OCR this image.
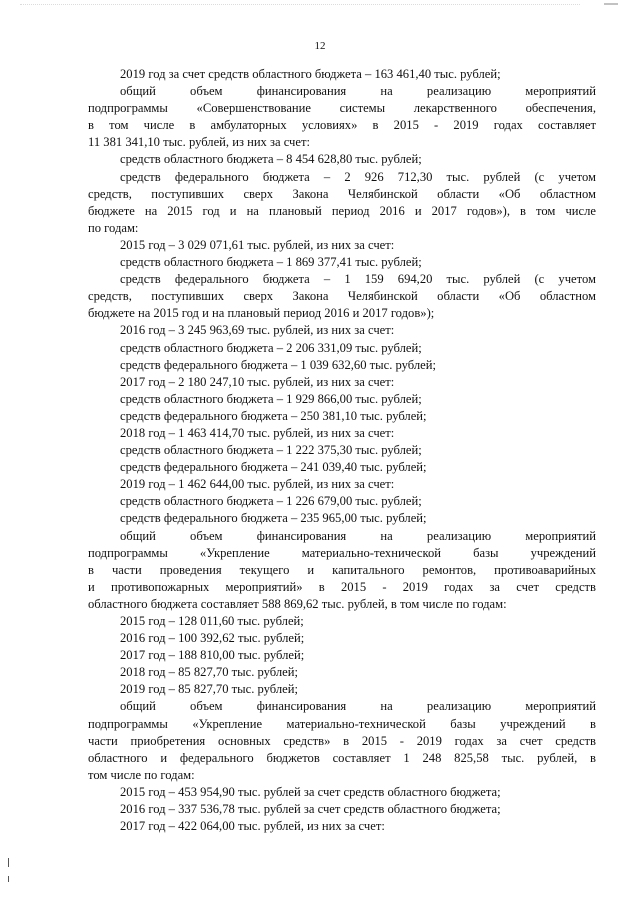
12

2019 год за счет средств областного бюджета – 163 461,40 тыс. рублей;

общий объем финансирования на реализацию мероприятий
подпрограммы «Совершенствование системы лекарственного обеспечения,
в том числе в амбулаторных условиях» в 2015 - 2019 годах составляет
11 381 341,10 тыс. рублей, из них за счет:

средств областного бюджета – 8 454 628,80 тыс. рублей;

средств федерального бюджета – 2 926 712,30 тыс. рублей (с учетом
средств, поступивших сверх Закона Челябинской области «Об областном
бюджете на 2015 год и на плановый период 2016 и 2017 годов»), в том числе
по годам:

2015 год – 3 029 071,61 тыс. рублей, из них за счет:

средств областного бюджета – 1 869 377,41 тыс. рублей;

средств федерального бюджета – 1 159 694,20 тыс. рублей (с учетом
средств, поступивших сверх Закона Челябинской области «Об областном
бюджете на 2015 год и на плановый период 2016 и 2017 годов»);

2016 год – 3 245 963,69 тыс. рублей, из них за счет:

средств областного бюджета – 2 206 331,09 тыс. рублей;

средств федерального бюджета – 1 039 632,60 тыс. рублей;

2017 год – 2 180 247,10 тыс. рублей, из них за счет:

средств областного бюджета – 1 929 866,00 тыс. рублей;

средств федерального бюджета – 250 381,10 тыс. рублей;

2018 год – 1 463 414,70 тыс. рублей, из них за счет:

средств областного бюджета – 1 222 375,30 тыс. рублей;

средств федерального бюджета – 241 039,40 тыс. рублей;

2019 год – 1 462 644,00 тыс. рублей, из них за счет:

средств областного бюджета – 1 226 679,00 тыс. рублей;

средств федерального бюджета – 235 965,00 тыс. рублей;

общий объем финансирования на реализацию мероприятий
подпрограммы «Укрепление материально-технической базы учреждений
в части проведения текущего и капитального ремонтов, противоаварийных
и противопожарных мероприятий» в 2015 - 2019 годах за счет средств
областного бюджета составляет 588 869,62 тыс. рублей, в том числе по годам:

2015 год – 128 011,60 тыс. рублей;

2016 год – 100 392,62 тыс. рублей;

2017 год – 188 810,00 тыс. рублей;

2018 год – 85 827,70 тыс. рублей;

2019 год – 85 827,70 тыс. рублей;

общий объем финансирования на реализацию мероприятий
подпрограммы «Укрепление материально-технической базы учреждений в
части приобретения основных средств» в 2015 - 2019 годах за счет средств
областного и федерального бюджетов составляет 1 248 825,58 тыс. рублей, в
том числе по годам:

2015 год – 453 954,90 тыс. рублей за счет средств областного бюджета;

2016 год – 337 536,78 тыс. рублей за счет средств областного бюджета;

2017 год – 422 064,00 тыс. рублей, из них за счет:
